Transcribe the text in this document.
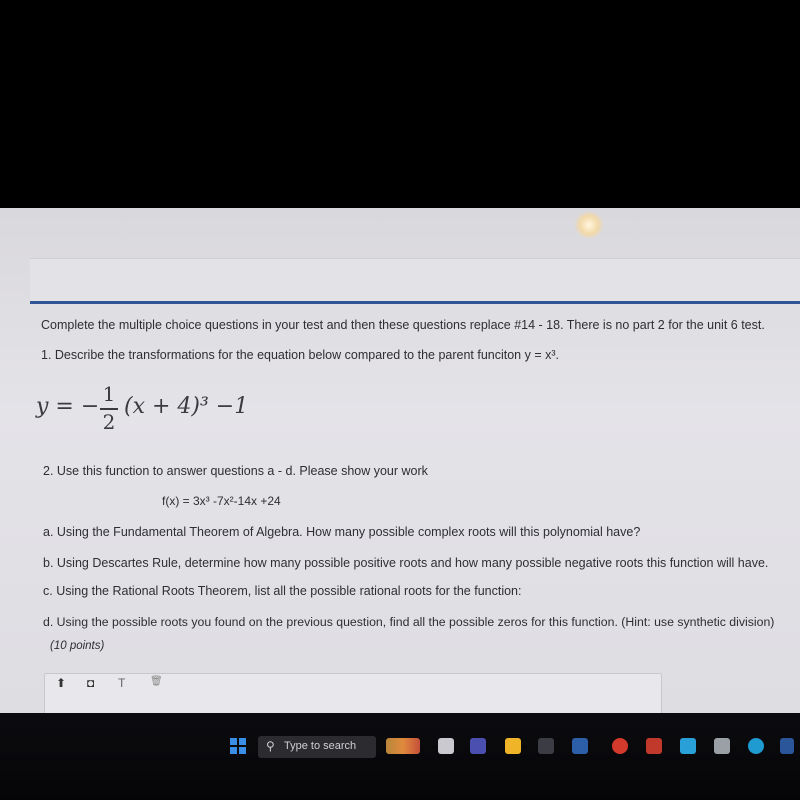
Complete the multiple choice questions in your test and then these questions replace #14 - 18. There is no part 2 for the unit 6 test.
1. Describe the transformations for the equation below compared to the parent funciton y = x³.
y = − 1
2
(x + 4)³ −1
2. Use this function to answer questions a - d. Please show your work
f(x) = 3x³ -7x²-14x +24
a. Using the Fundamental Theorem of Algebra. How many possible complex roots will this polynomial have?
b. Using Descartes Rule, determine how many possible positive roots and how many possible negative roots this function will have.
c. Using the Rational Roots Theorem, list all the possible rational roots for the function:
d. Using the possible roots you found on the previous question, find all the possible zeros for this function. (Hint: use synthetic division)
(10 points)
⬆ ◘ T 🗑
⚲ Type to search
